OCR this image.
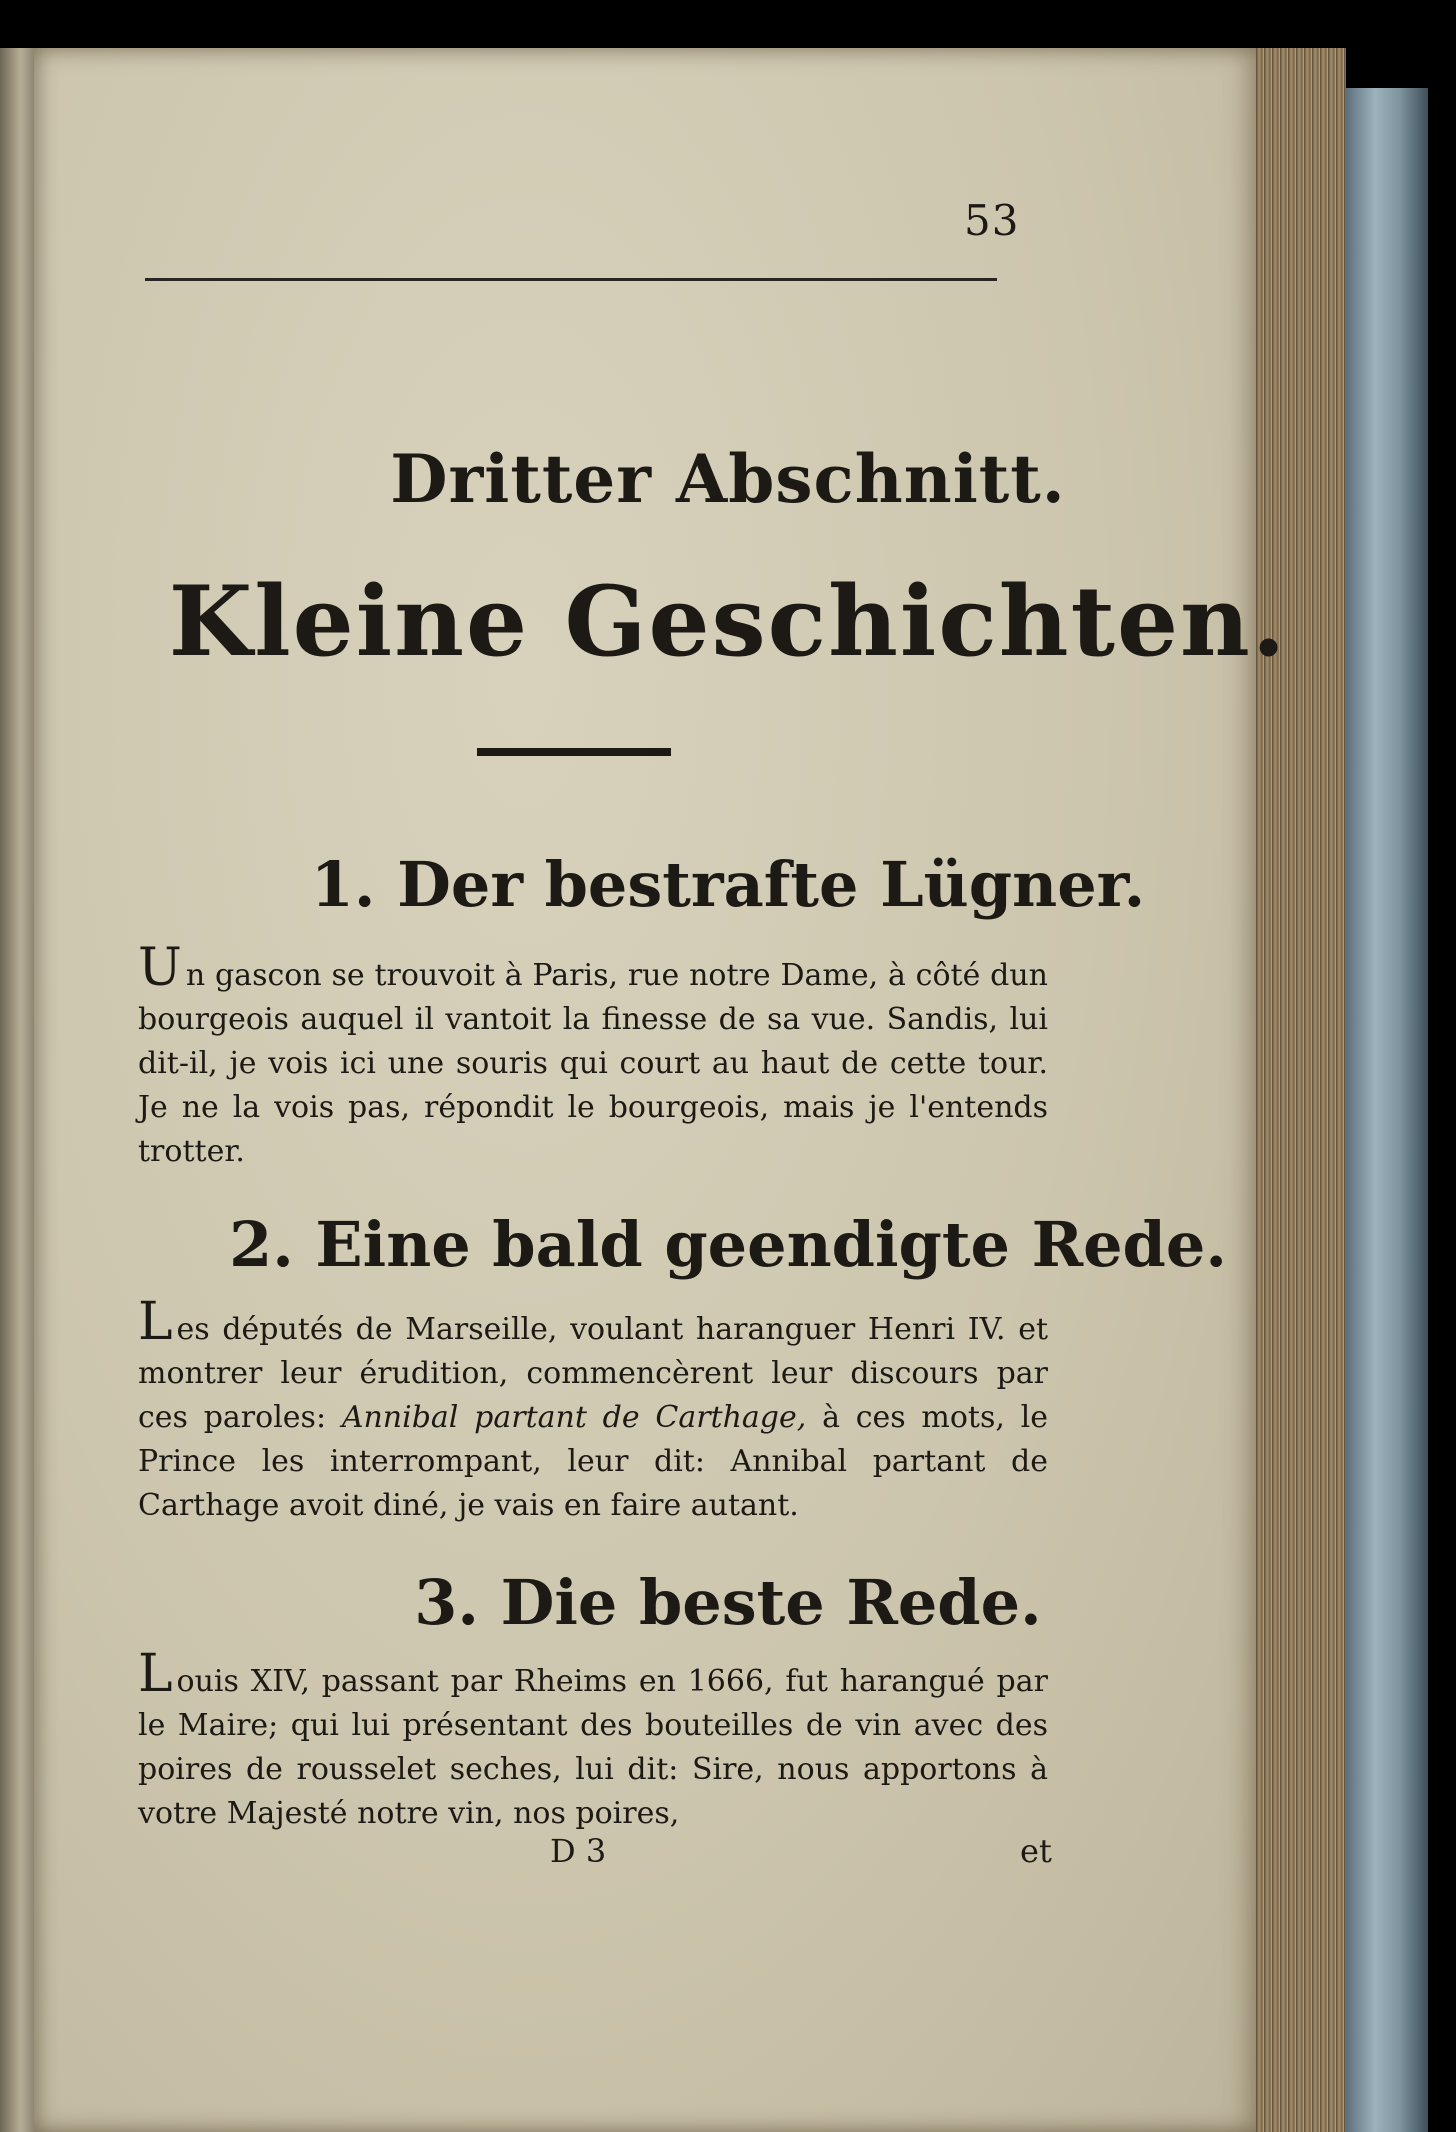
53
Dritter Abschnitt.
Kleine Geschichten.
1. Der bestrafte Lügner.

Un gascon se trouvoit à Paris, rue notre Dame, à côté dun bourgeois auquel il vantoit la finesse de sa vue. Sandis, lui dit-il, je vois ici une souris qui court au haut de cette tour. Je ne la vois pas, répondit le bourgeois, mais je l'entends trotter.

2. Eine bald geendigte Rede.

Les députés de Marseille, voulant haranguer Henri IV. et montrer leur érudition, commencèrent leur discours par ces paroles: Annibal partant de Carthage, à ces mots, le Prince les interrompant, leur dit: Annibal partant de Carthage avoit diné, je vais en faire autant.

3. Die beste Rede.

Louis XIV, passant par Rheims en 1666, fut harangué par le Maire; qui lui présentant des bouteilles de vin avec des poires de rousselet seches, lui dit: Sire, nous apportons à votre Majesté notre vin, nos poires,

D 3	et
